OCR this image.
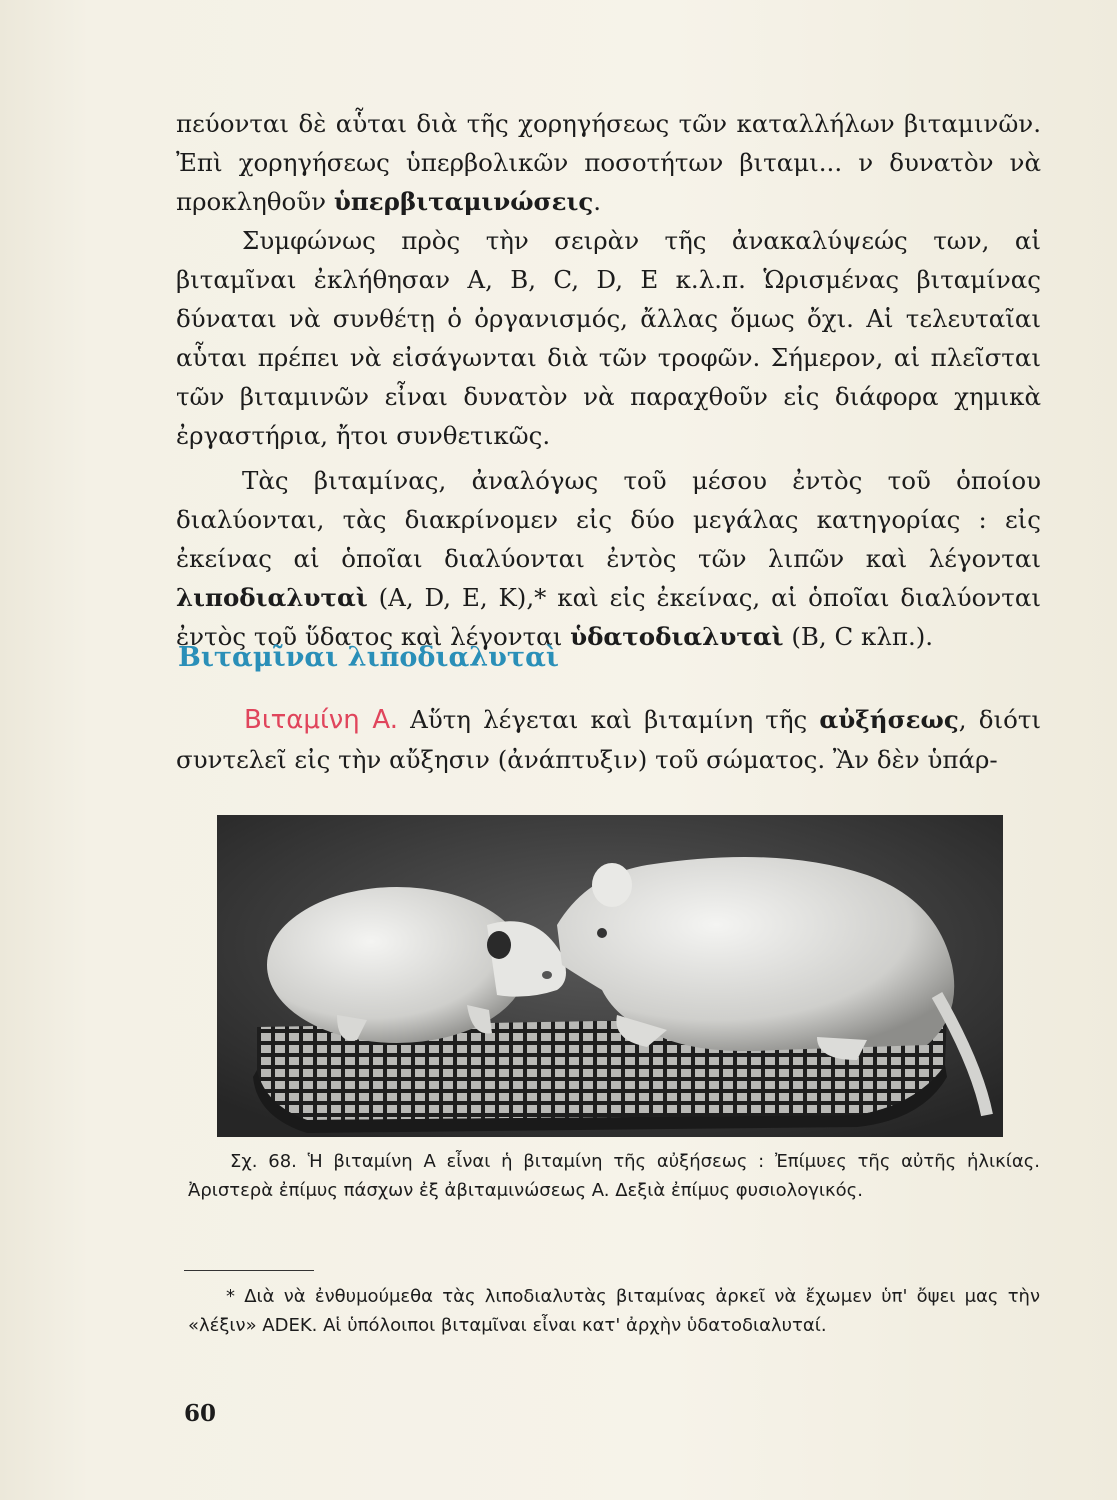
πεύονται δὲ αὗται διὰ τῆς χορηγήσεως τῶν καταλλήλων βιταμινῶν. Ἐπὶ χορηγήσεως ὑπερβολικῶν ποσοτήτων βιταμι... ν δυνατὸν νὰ προκληθοῦν ὑπερβιταμινώσεις.

Συμφώνως πρὸς τὴν σειρὰν τῆς ἀνακαλύψεώς των, αἱ βιταμῖναι ἐκλήθησαν A, B, C, D, E κ.λ.π. Ὡρισμένας βιταμίνας δύναται νὰ συνθέτῃ ὁ ὀργανισμός, ἄλλας ὅμως ὄχι. Αἱ τελευταῖαι αὗται πρέπει νὰ εἰσάγωνται διὰ τῶν τροφῶν. Σήμερον, αἱ πλεῖσται τῶν βιταμινῶν εἶναι δυνατὸν νὰ παραχθοῦν εἰς διάφορα χημικὰ ἐργαστήρια, ἤτοι συνθετικῶς.

Τὰς βιταμίνας, ἀναλόγως τοῦ μέσου ἐντὸς τοῦ ὁποίου διαλύονται, τὰς διακρίνομεν εἰς δύο μεγάλας κατηγορίας : εἰς ἐκείνας αἱ ὁποῖαι διαλύονται ἐντὸς τῶν λιπῶν καὶ λέγονται λιποδιαλυταὶ (A, D, E, K),* καὶ εἰς ἐκείνας, αἱ ὁποῖαι διαλύονται ἐντὸς τοῦ ὕδατος καὶ λέγονται ὑδατοδιαλυταὶ (B, C κλπ.).

Βιταμῖναι λιποδιαλυταὶ

Βιταμίνη A. Αὕτη λέγεται καὶ βιταμίνη τῆς αὐξήσεως, διότι συντελεῖ εἰς τὴν αὔξησιν (ἀνάπτυξιν) τοῦ σώματος. Ἂν δὲν ὑπάρ-

Σχ. 68. Ἡ βιταμίνη A εἶναι ἡ βιταμίνη τῆς αὐξήσεως : Ἐπίμυες τῆς αὐτῆς ἡλικίας. Ἀριστερὰ ἐπίμυς πάσχων ἐξ ἀβιταμινώσεως A. Δεξιὰ ἐπίμυς φυσιολογικός.

* Διὰ νὰ ἐνθυμούμεθα τὰς λιποδιαλυτὰς βιταμίνας ἀρκεῖ νὰ ἔχωμεν ὑπ' ὄψει μας τὴν «λέξιν» ADEK. Αἱ ὑπόλοιποι βιταμῖναι εἶναι κατ' ἀρχὴν ὑδατοδιαλυταί.

60
